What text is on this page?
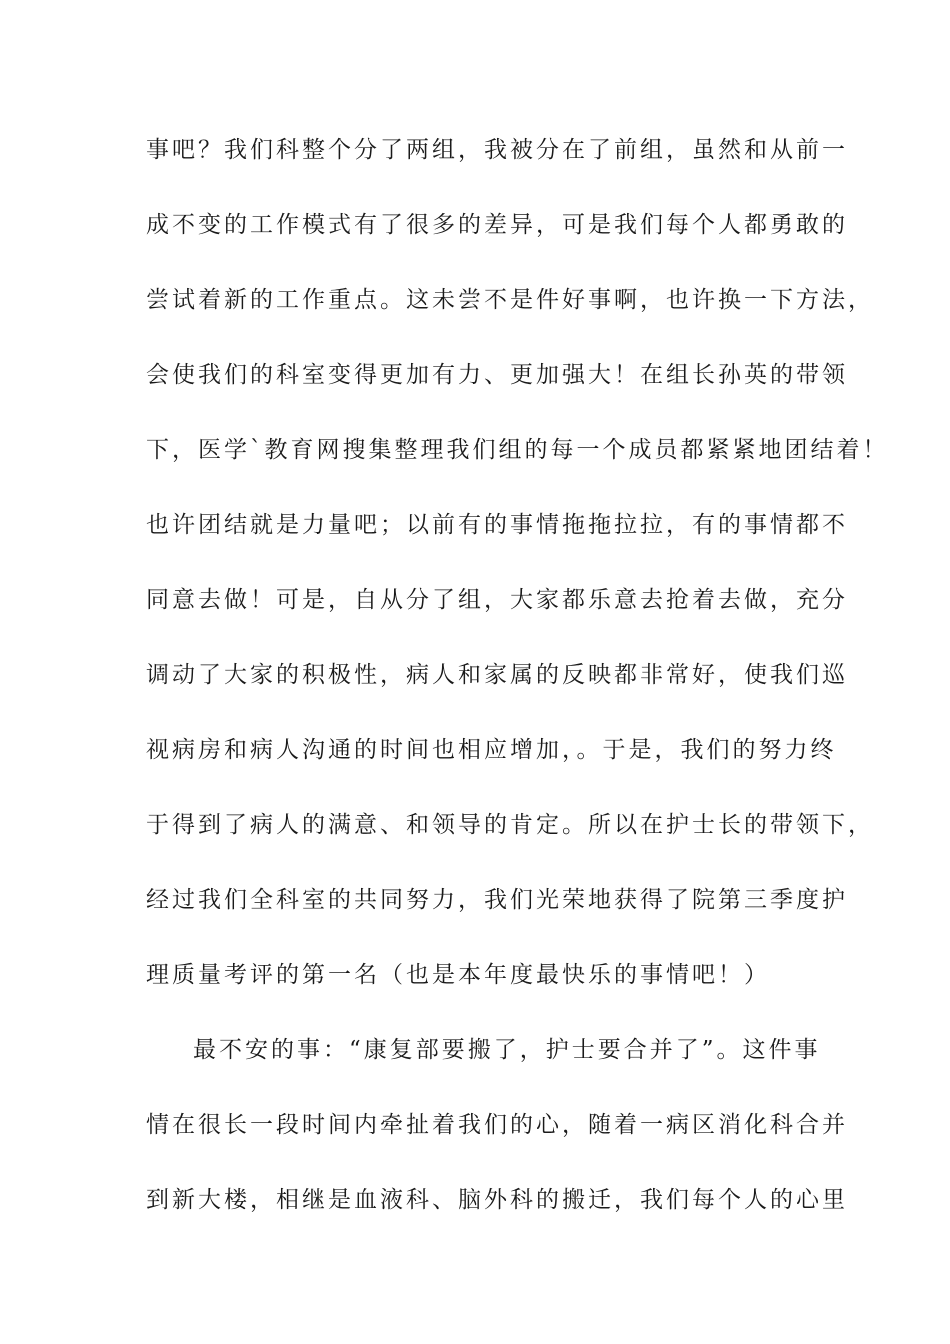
事吧？我们科整个分了两组，我被分在了前组，虽然和从前一
成不变的工作模式有了很多的差异，可是我们每个人都勇敢的
尝试着新的工作重点。这未尝不是件好事啊，也许换一下方法，
会使我们的科室变得更加有力、更加强大！在组长孙英的带领
下，医学`教育网搜集整理我们组的每一个成员都紧紧地团结着！
也许团结就是力量吧；以前有的事情拖拖拉拉，有的事情都不
同意去做！可是，自从分了组，大家都乐意去抢着去做，充分
调动了大家的积极性，病人和家属的反映都非常好，使我们巡
视病房和病人沟通的时间也相应增加，。于是，我们的努力终
于得到了病人的满意、和领导的肯定。所以在护士长的带领下，
经过我们全科室的共同努力，我们光荣地获得了院第三季度护
理质量考评的第一名（也是本年度最快乐的事情吧！）
最不安的事：“康复部要搬了，护士要合并了”。这件事
情在很长一段时间内牵扯着我们的心，随着一病区消化科合并
到新大楼，相继是血液科、脑外科的搬迁，我们每个人的心里
